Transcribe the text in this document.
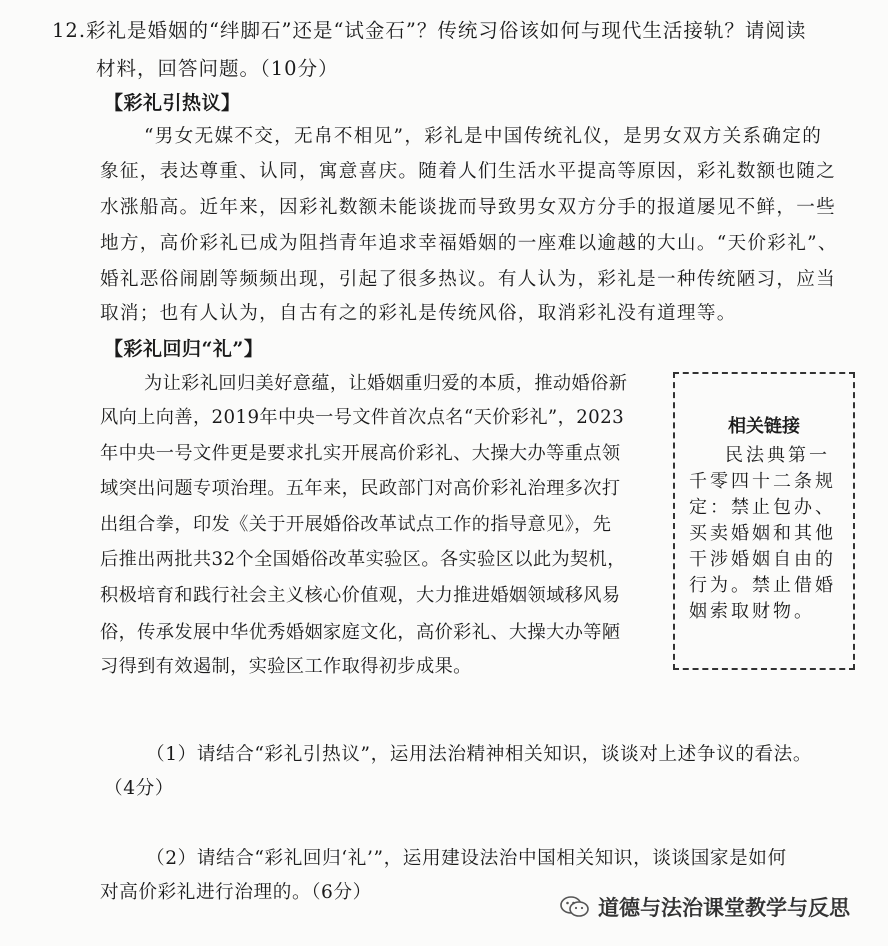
12.彩礼是婚姻的“绊脚石”还是“试金石”？传统习俗该如何与现代生活接轨？请阅读
材料，回答问题。（10分）
【彩礼引热议】
“男女无媒不交，无帛不相见”，彩礼是中国传统礼仪，是男女双方关系确定的
象征，表达尊重、认同，寓意喜庆。随着人们生活水平提高等原因，彩礼数额也随之
水涨船高。近年来，因彩礼数额未能谈拢而导致男女双方分手的报道屡见不鲜，一些
地方，高价彩礼已成为阻挡青年追求幸福婚姻的一座难以逾越的大山。“天价彩礼”、
婚礼恶俗闹剧等频频出现，引起了很多热议。有人认为，彩礼是一种传统陋习，应当
取消；也有人认为，自古有之的彩礼是传统风俗，取消彩礼没有道理等。
【彩礼回归“礼”】
为让彩礼回归美好意蕴，让婚姻重归爱的本质，推动婚俗新
风向上向善，2019年中央一号文件首次点名“天价彩礼”，2023
年中央一号文件更是要求扎实开展高价彩礼、大操大办等重点领
域突出问题专项治理。五年来，民政部门对高价彩礼治理多次打
出组合拳，印发《关于开展婚俗改革试点工作的指导意见》，先
后推出两批共32个全国婚俗改革实验区。各实验区以此为契机，
积极培育和践行社会主义核心价值观，大力推进婚姻领域移风易
俗，传承发展中华优秀婚姻家庭文化，高价彩礼、大操大办等陋
习得到有效遏制，实验区工作取得初步成果。
相关链接
民法典第一
千零四十二条规
定：禁止包办、
买卖婚姻和其他
干涉婚姻自由的
行为。禁止借婚
姻索取财物。
（1）请结合“彩礼引热议”，运用法治精神相关知识，谈谈对上述争议的看法。
（4分）
（2）请结合“彩礼回归‘礼’”，运用建设法治中国相关知识，谈谈国家是如何
对高价彩礼进行治理的。（6分）
道德与法治课堂教学与反思
